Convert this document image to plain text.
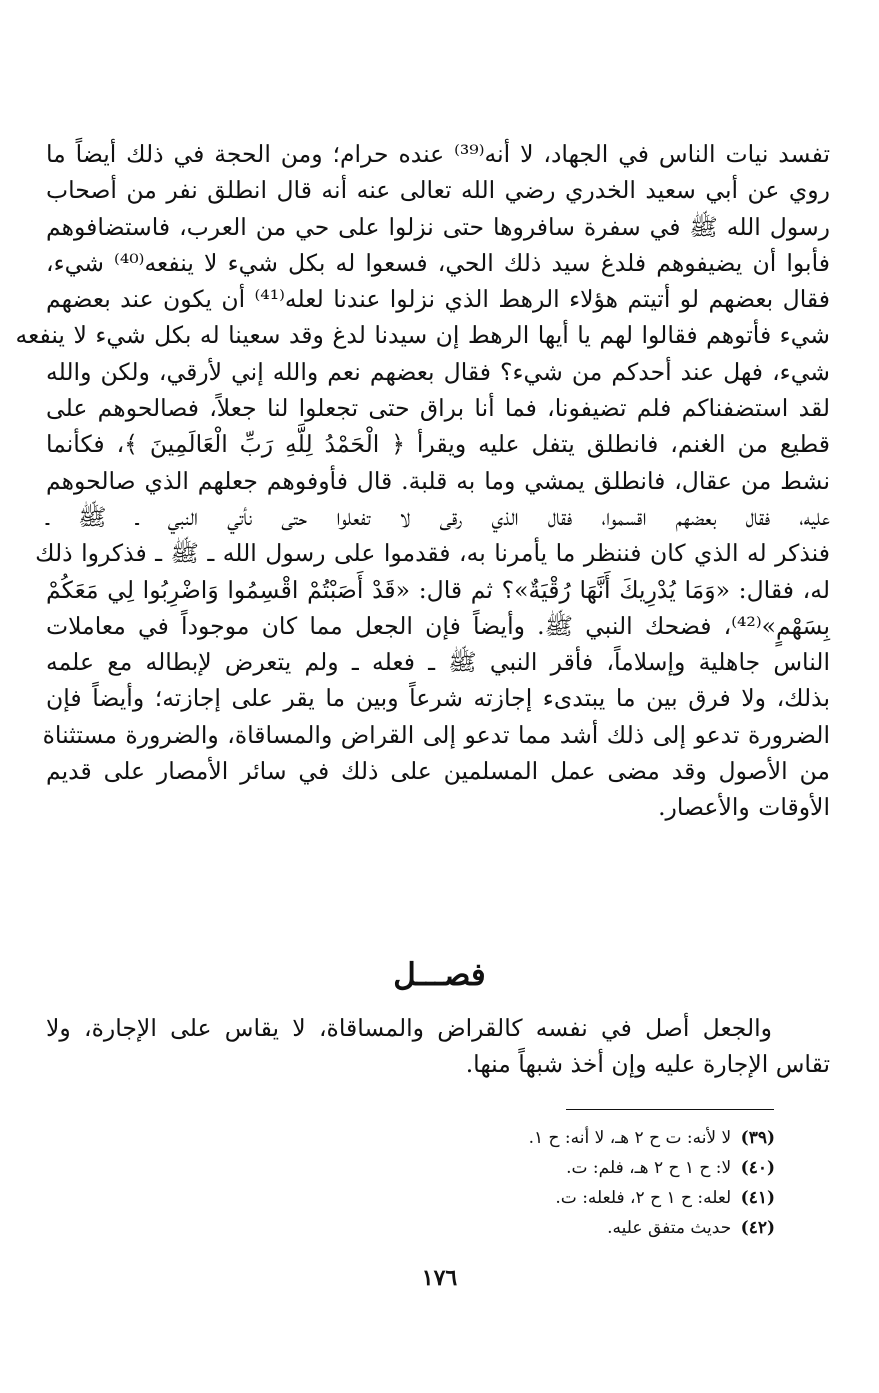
تفسد نيات الناس في الجهاد، لا أنه⁽³⁹⁾ عنده حرام؛ ومن الحجة في ذلك أيضاً ما
روي عن أبي سعيد الخدري رضي الله تعالى عنه أنه قال انطلق نفر من أصحاب
رسول الله ﷺ في سفرة سافروها حتى نزلوا على حي من العرب، فاستضافوهم
فأبوا أن يضيفوهم فلدغ سيد ذلك الحي، فسعوا له بكل شيء لا ينفعه⁽⁴⁰⁾ شيء،
فقال بعضهم لو أتيتم هؤلاء الرهط الذي نزلوا عندنا لعله⁽⁴¹⁾ أن يكون عند بعضهم
شيء فأتوهم فقالوا لهم يا أيها الرهط إن سيدنا لدغ وقد سعينا له بكل شيء لا ينفعه
شيء، فهل عند أحدكم من شيء؟ فقال بعضهم نعم والله إني لأرقي، ولكن والله
لقد استضفناكم فلم تضيفونا، فما أنا براق حتى تجعلوا لنا جعلاً، فصالحوهم على
قطيع من الغنم، فانطلق يتفل عليه ويقرأ ﴿ الْحَمْدُ لِلَّهِ رَبِّ الْعَالَمِينَ ﴾، فكأنما
نشط من عقال، فانطلق يمشي وما به قلبة. قال فأوفوهم جعلهم الذي صالحوهم
عليه، فقال بعضهم اقسموا، فقال الذي رقى لا تفعلوا حتى نأتي النبي ـ ﷺ ـ
فنذكر له الذي كان فننظر ما يأمرنا به، فقدموا على رسول الله ـ ﷺ ـ فذكروا ذلك
له، فقال: «وَمَا يُدْرِيكَ أَنَّهَا رُقْيَةٌ»؟ ثم قال: «قَدْ أَصَبْتُمْ اقْسِمُوا وَاضْرِبُوا لِي مَعَكُمْ
بِسَهْمٍ»⁽⁴²⁾، فضحك النبي ﷺ. وأيضاً فإن الجعل مما كان موجوداً في معاملات
الناس جاهلية وإسلاماً، فأقر النبي ﷺ ـ فعله ـ ولم يتعرض لإبطاله مع علمه
بذلك، ولا فرق بين ما يبتدىء إجازته شرعاً وبين ما يقر على إجازته؛ وأيضاً فإن
الضرورة تدعو إلى ذلك أشد مما تدعو إلى القراض والمساقاة، والضرورة مستثناة
من الأصول وقد مضى عمل المسلمين على ذلك في سائر الأمصار على قديم
الأوقات والأعصار.
فصـــل
والجعل أصل في نفسه كالقراض والمساقاة، لا يقاس على الإجارة، ولا
تقاس الإجارة عليه وإن أخذ شبهاً منها.
(٣٩) لا لأنه: ت ح ٢ هـ، لا أنه: ح ١.
(٤٠) لا: ح ١ ح ٢ هـ، فلم: ت.
(٤١) لعله: ح ١ ح ٢، فلعله: ت.
(٤٢) حديث متفق عليه.
١٧٦
